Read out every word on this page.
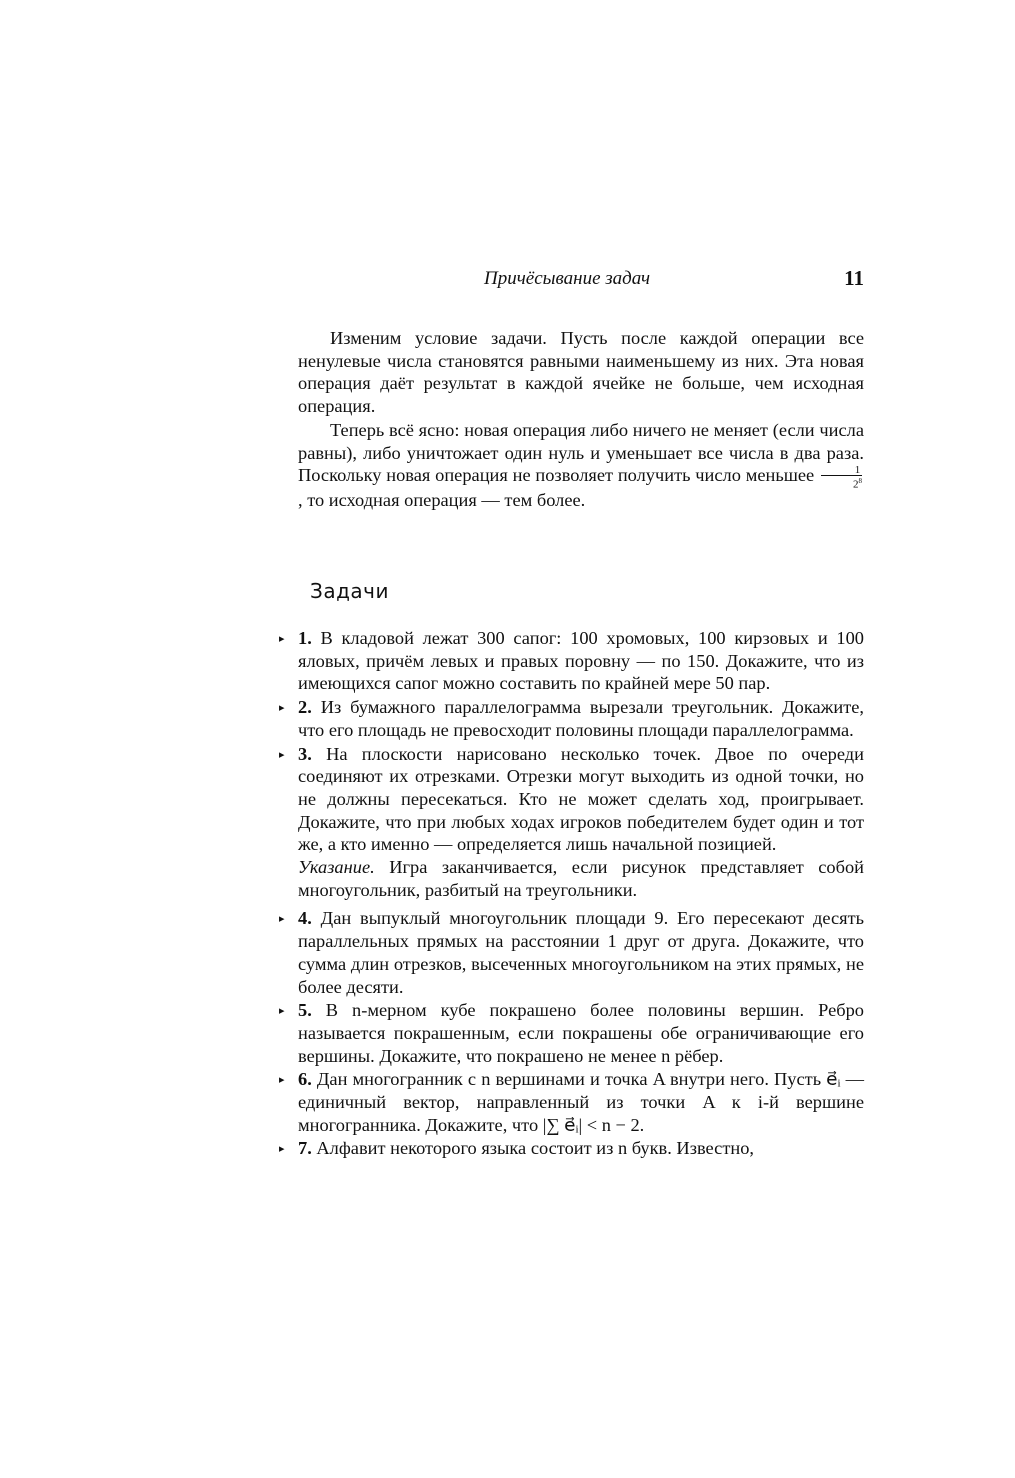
Причёсывание задач	11

Изменим условие задачи. Пусть после каждой операции все ненулевые числа становятся равными наименьшему из них. Эта новая операция даёт результат в каждой ячейке не больше, чем исходная операция.

Теперь всё ясно: новая операция либо ничего не меняет (если числа равны), либо уничтожает один нуль и уменьшает все числа в два раза. Поскольку новая операция не позволяет получить число меньшее $\frac{1}{2^8}$
, то исходная операция — тем более.

Задачи
▸ 1. В кладовой лежат 300 сапог: 100 хромовых, 100 кирзовых и 100 яловых, причём левых и правых поровну — по 150. Докажите, что из имеющихся сапог можно составить по крайней мере 50 пар.

▸ 2. Из бумажного параллелограмма вырезали треугольник. Докажите, что его площадь не превосходит половины площади параллелограмма.

▸ 3. На плоскости нарисовано несколько точек. Двое по очереди соединяют их отрезками. Отрезки могут выходить из одной точки, но не должны пересекаться. Кто не может сделать ход, проигрывает. Докажите, что при любых ходах игроков победителем будет один и тот же, а кто именно — определяется лишь начальной позицией.

Указание. Игра заканчивается, если рисунок представляет собой многоугольник, разбитый на треугольники.

▸ 4. Дан выпуклый многоугольник площади 9. Его пересекают десять параллельных прямых на расстоянии 1 друг от друга. Докажите, что сумма длин отрезков, высеченных многоугольником на этих прямых, не более десяти.

▸ 5. В n-мерном кубе покрашено более половины вершин. Ребро называется покрашенным, если покрашены обе ограничивающие его вершины. Докажите, что покрашено не менее n рёбер.

▸ 6. Дан многогранник с n вершинами и точка A внутри него. Пусть e⃗ᵢ — единичный вектор, направленный из точки A к i-й вершине многогранника. Докажите, что |∑ e⃗ᵢ| < n − 2.

▸ 7. Алфавит некоторого языка состоит из n букв. Известно,
